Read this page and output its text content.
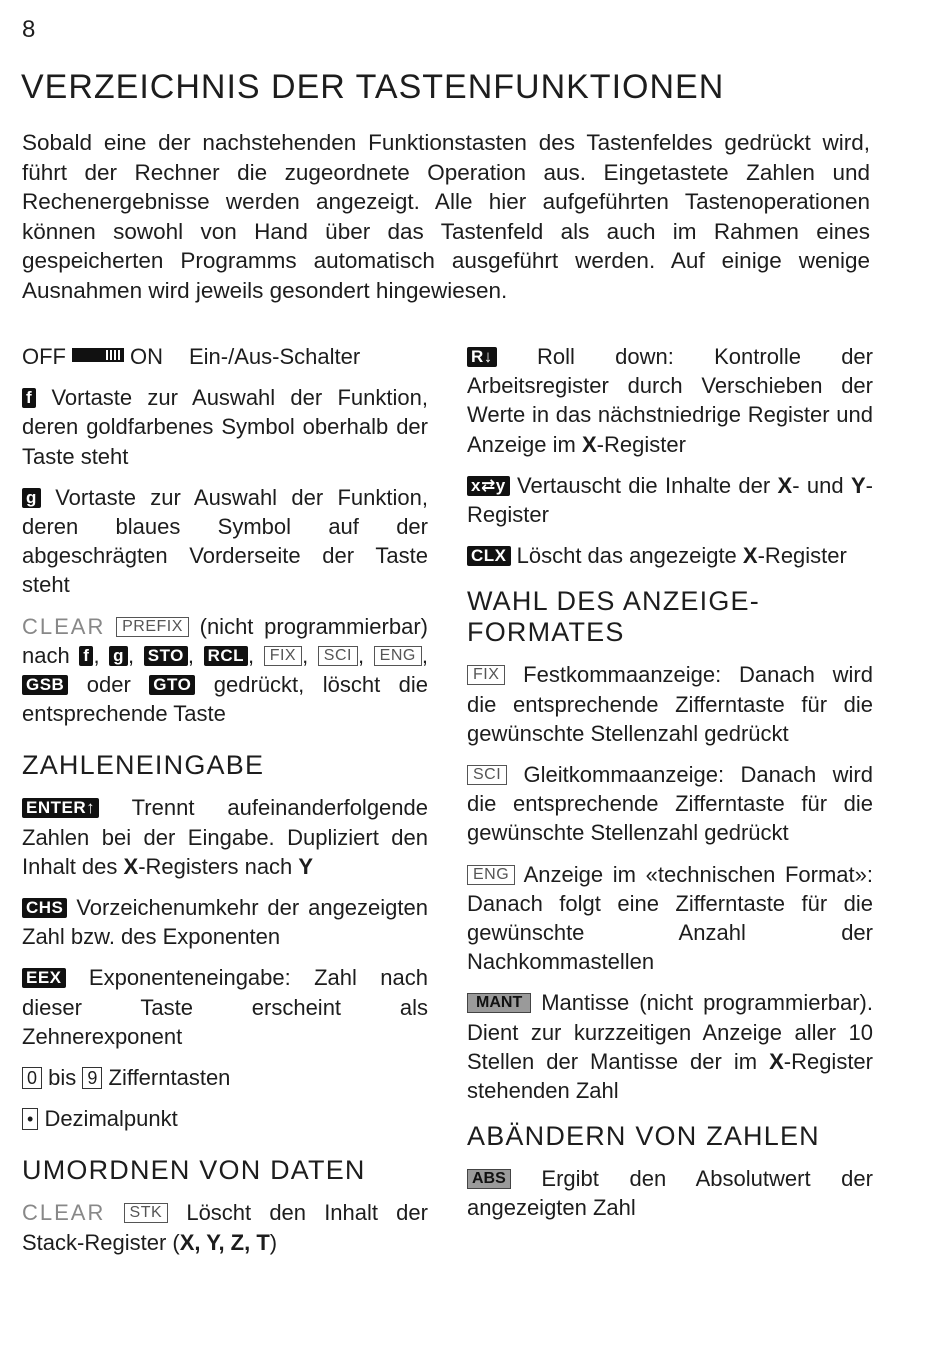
8
VERZEICHNIS DER TASTENFUNKTIONEN

Sobald eine der nachstehenden Funktionstasten des Tastenfeldes gedrückt wird, führt der Rechner die zugeordnete Operation aus. Eingetastete Zahlen und Rechenergebnisse werden angezeigt. Alle hier aufgeführten Tastenoperationen können sowohl von Hand über das Tastenfeld als auch im Rahmen eines gespeicherten Programms automatisch ausgeführt werden. Auf einige wenige Ausnahmen wird jeweils gesondert hingewiesen.

OFF	ON Ein-/Aus-Schalter

f Vortaste zur Auswahl der Funktion, deren goldfarbenes Symbol oberhalb der Taste steht

g Vortaste zur Auswahl der Funktion, deren blaues Symbol auf der abgeschrägten Vorderseite der Taste steht

CLEAR PREFIX (nicht programmierbar) nach f , g , STO , RCL , FIX , SCI , ENG , GSB oder GTO gedrückt, löscht die entsprechende Taste

ZAHLENEINGABE

ENTER↑ Trennt aufeinanderfolgende Zahlen bei der Eingabe. Dupliziert den Inhalt des X-Registers nach Y

CHS Vorzeichenumkehr der angezeigten Zahl bzw. des Exponenten

EEX Exponenteneingabe: Zahl nach dieser Taste erscheint als Zehnerexponent

0 bis 9 Zifferntasten

• Dezimalpunkt

UMORDNEN VON DATEN

CLEAR STK Löscht den Inhalt der Stack-Register (X, Y, Z, T)

R↓ Roll down: Kontrolle der Arbeitsregister durch Verschieben der Werte in das nächstniedrige Register und Anzeige im X-Register

x⇄y Vertauscht die Inhalte der X- und Y-Register

CLX Löscht das angezeigte X-Register

WAHL DES ANZEIGE-FORMATES

FIX Festkommaanzeige: Danach wird die entsprechende Zifferntaste für die gewünschte Stellenzahl gedrückt

SCI Gleitkommaanzeige: Danach wird die entsprechende Zifferntaste für die gewünschte Stellenzahl gedrückt

ENG Anzeige im «technischen Format»: Danach folgt eine Zifferntaste für die gewünschte Anzahl der Nachkommastellen

MANT Mantisse (nicht programmierbar). Dient zur kurzzeitigen Anzeige aller 10 Stellen der Mantisse der im X-Register stehenden Zahl

ABÄNDERN VON ZAHLEN

ABS Ergibt den Absolutwert der angezeigten Zahl
